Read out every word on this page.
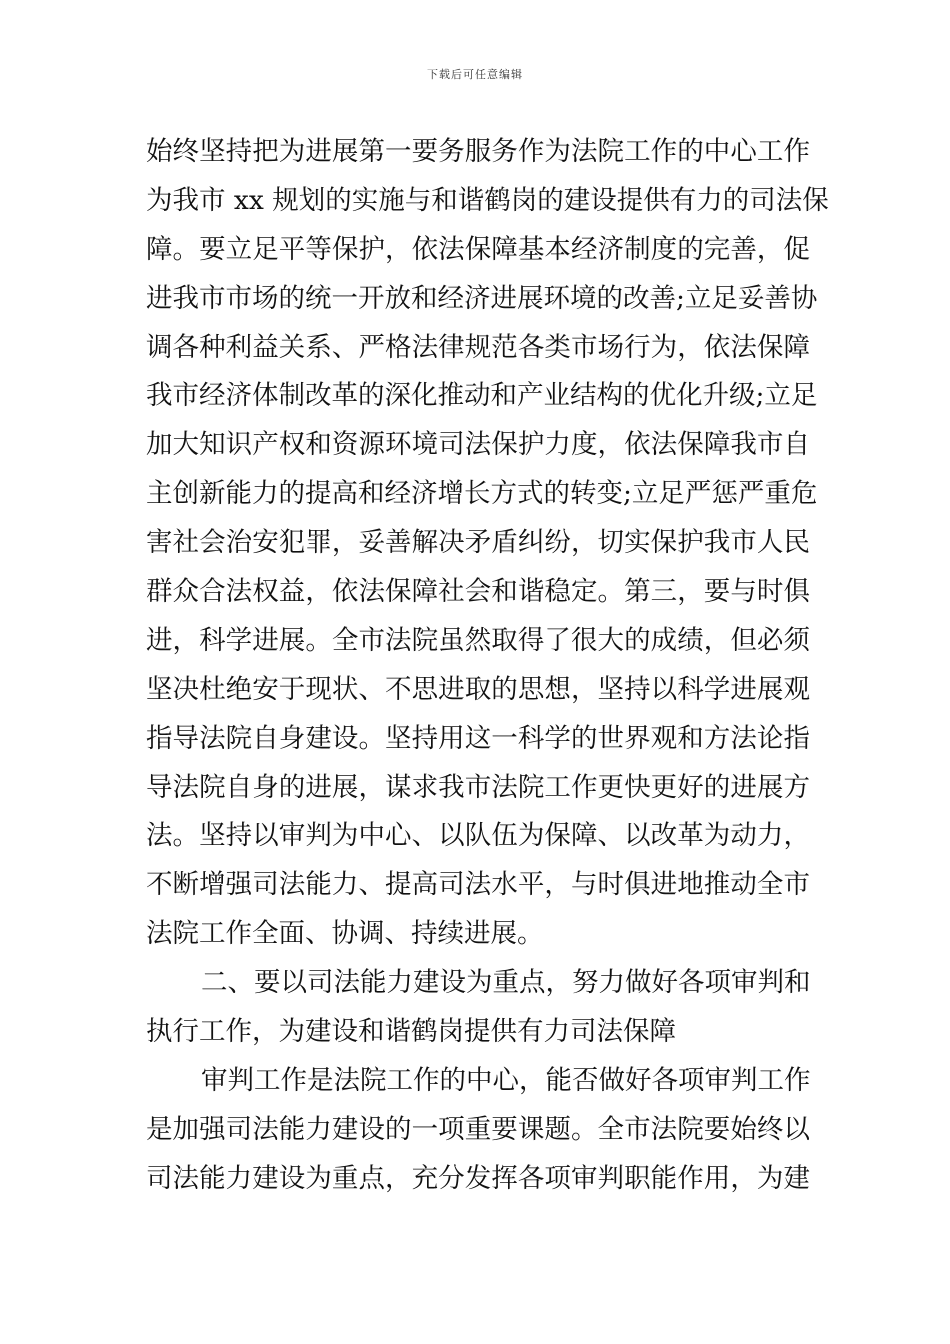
下载后可任意编辑
始终坚持把为进展第一要务服务作为法院工作的中心工作
为我市 xx 规划的实施与和谐鹤岗的建设提供有力的司法保
障。要立足平等保护，依法保障基本经济制度的完善，促
进我市市场的统一开放和经济进展环境的改善;立足妥善协
调各种利益关系、严格法律规范各类市场行为，依法保障
我市经济体制改革的深化推动和产业结构的优化升级;立足
加大知识产权和资源环境司法保护力度，依法保障我市自
主创新能力的提高和经济增长方式的转变;立足严惩严重危
害社会治安犯罪，妥善解决矛盾纠纷，切实保护我市人民
群众合法权益，依法保障社会和谐稳定。第三，要与时俱
进，科学进展。全市法院虽然取得了很大的成绩，但必须
坚决杜绝安于现状、不思进取的思想，坚持以科学进展观
指导法院自身建设。坚持用这一科学的世界观和方法论指
导法院自身的进展，谋求我市法院工作更快更好的进展方
法。坚持以审判为中心、以队伍为保障、以改革为动力，
不断增强司法能力、提高司法水平，与时俱进地推动全市
法院工作全面、协调、持续进展。
二、要以司法能力建设为重点，努力做好各项审判和
执行工作，为建设和谐鹤岗提供有力司法保障
审判工作是法院工作的中心，能否做好各项审判工作
是加强司法能力建设的一项重要课题。全市法院要始终以
司法能力建设为重点，充分发挥各项审判职能作用，为建
